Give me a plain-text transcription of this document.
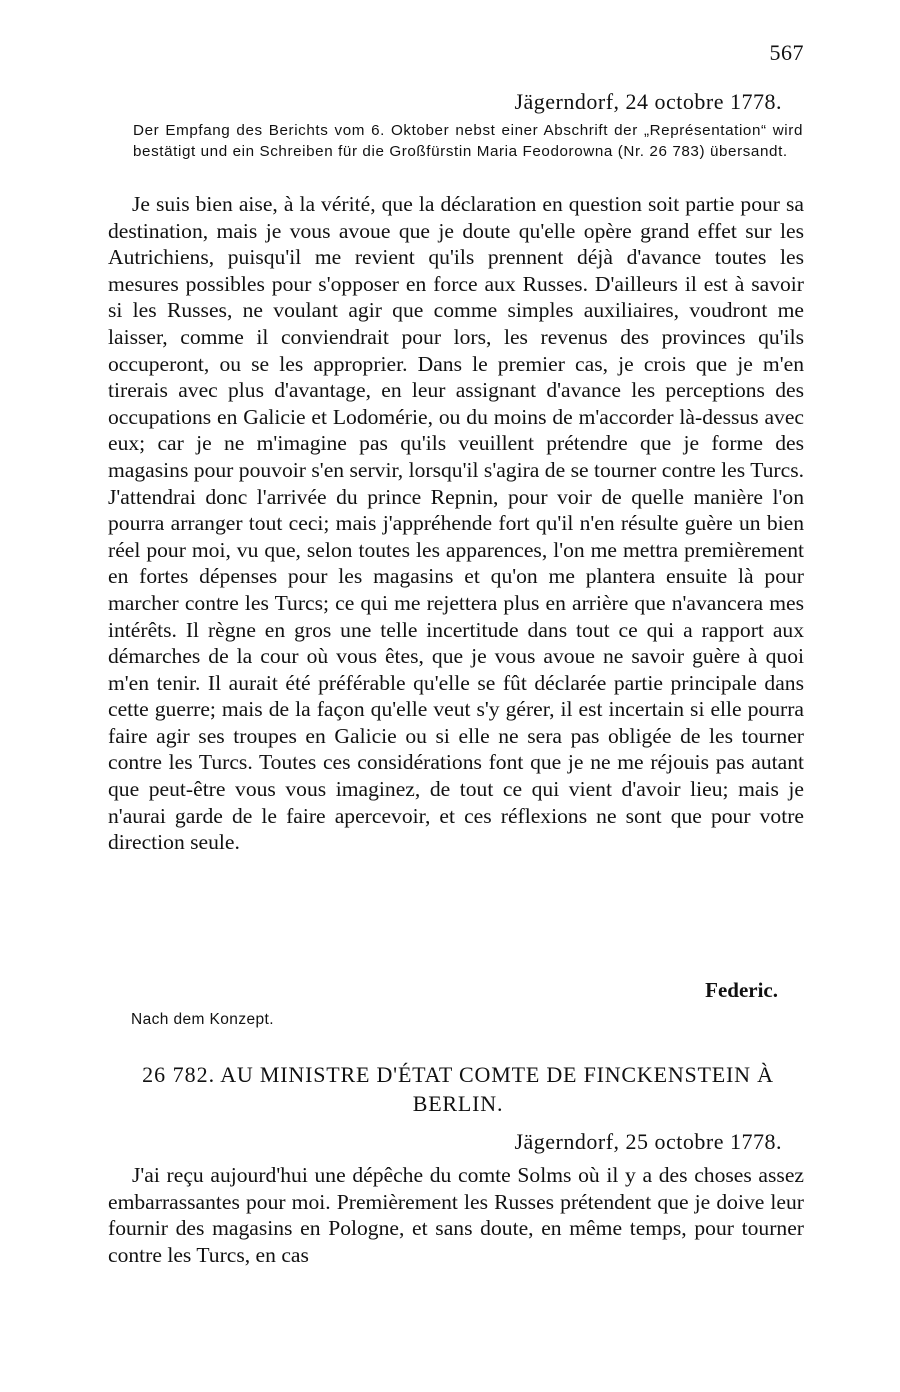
567
Jägerndorf, 24 octobre 1778.
Der Empfang des Berichts vom 6. Oktober nebst einer Abschrift der „Représentation“ wird bestätigt und ein Schreiben für die Großfürstin Maria Feodorowna (Nr. 26 783) übersandt.

Je suis bien aise, à la vérité, que la déclaration en question soit partie pour sa destination, mais je vous avoue que je doute qu'elle opère grand effet sur les Autrichiens, puisqu'il me revient qu'ils prennent déjà d'avance toutes les mesures possibles pour s'opposer en force aux Russes. D'ailleurs il est à savoir si les Russes, ne voulant agir que comme simples auxiliaires, voudront me laisser, comme il conviendrait pour lors, les revenus des provinces qu'ils occuperont, ou se les approprier. Dans le premier cas, je crois que je m'en tirerais avec plus d'avantage, en leur assignant d'avance les perceptions des occupations en Galicie et Lodomérie, ou du moins de m'accorder là-dessus avec eux; car je ne m'imagine pas qu'ils veuillent prétendre que je forme des magasins pour pouvoir s'en servir, lorsqu'il s'agira de se tourner contre les Turcs. J'attendrai donc l'arrivée du prince Repnin, pour voir de quelle manière l'on pourra arranger tout ceci; mais j'appréhende fort qu'il n'en résulte guère un bien réel pour moi, vu que, selon toutes les apparences, l'on me mettra premièrement en fortes dépenses pour les magasins et qu'on me plantera ensuite là pour marcher contre les Turcs; ce qui me rejettera plus en arrière que n'avancera mes intérêts. Il règne en gros une telle incertitude dans tout ce qui a rapport aux démarches de la cour où vous êtes, que je vous avoue ne savoir guère à quoi m'en tenir. Il aurait été préférable qu'elle se fût déclarée partie principale dans cette guerre; mais de la façon qu'elle veut s'y gérer, il est incertain si elle pourra faire agir ses troupes en Galicie ou si elle ne sera pas obligée de les tourner contre les Turcs. Toutes ces considérations font que je ne me réjouis pas autant que peut-être vous vous imaginez, de tout ce qui vient d'avoir lieu; mais je n'aurai garde de le faire apercevoir, et ces réflexions ne sont que pour votre direction seule.

Federic.
Nach dem Konzept.
26 782. AU MINISTRE D'ÉTAT COMTE DE FINCKENSTEIN À BERLIN.
Jägerndorf, 25 octobre 1778.

J'ai reçu aujourd'hui une dépêche du comte Solms où il y a des choses assez embarrassantes pour moi. Premièrement les Russes prétendent que je doive leur fournir des magasins en Pologne, et sans doute, en même temps, pour tourner contre les Turcs, en cas
